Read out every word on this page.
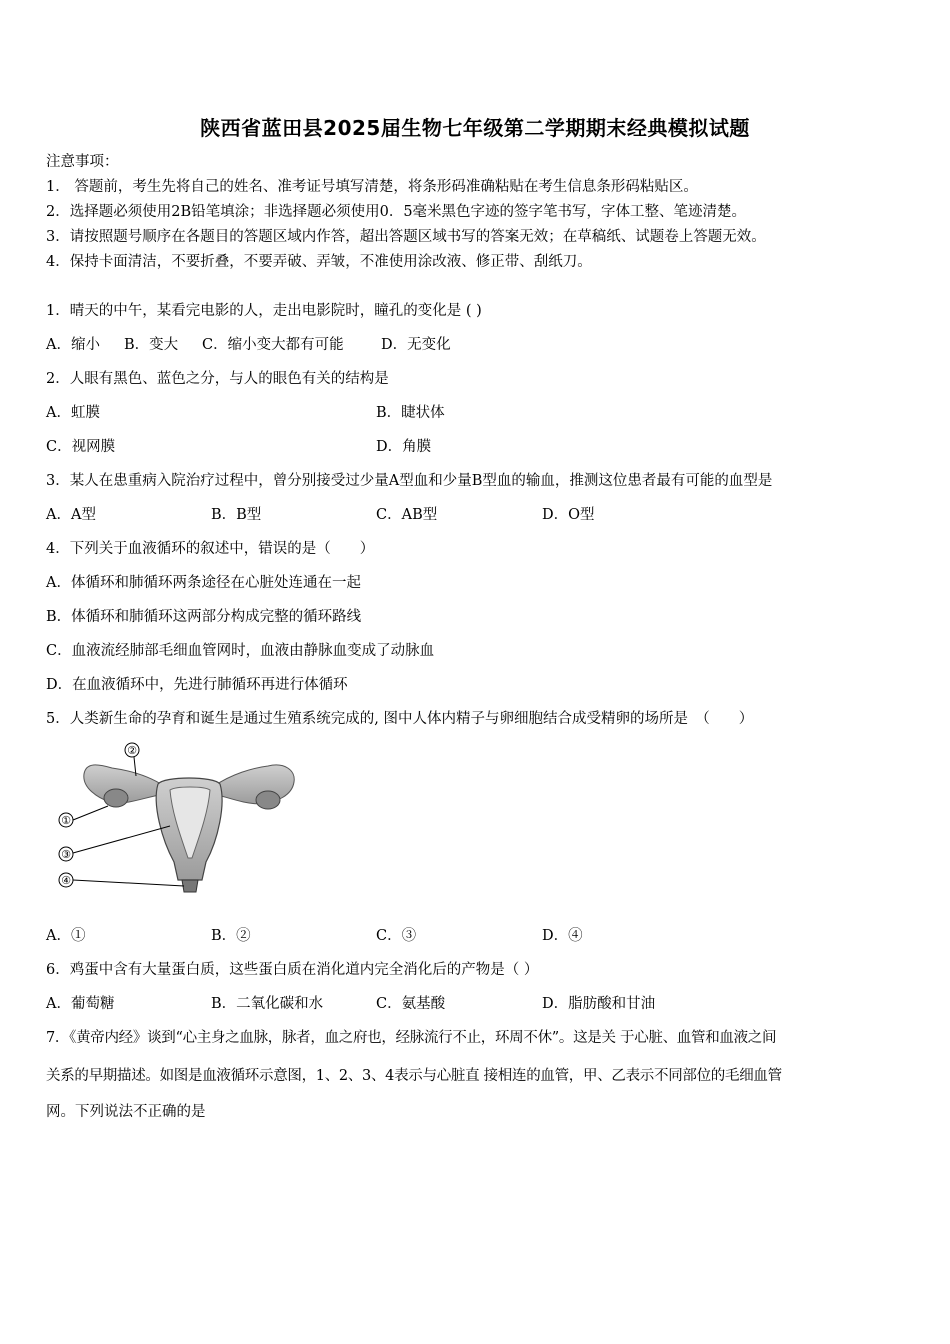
陕西省蓝田县2025届生物七年级第二学期期末经典模拟试题
注意事项：
1． 答题前，考生先将自己的姓名、准考证号填写清楚，将条形码准确粘贴在考生信息条形码粘贴区。
2．选择题必须使用2B铅笔填涂；非选择题必须使用0．5毫米黑色字迹的签字笔书写，字体工整、笔迹清楚。
3．请按照题号顺序在各题目的答题区域内作答，超出答题区域书写的答案无效；在草稿纸、试题卷上答题无效。
4．保持卡面清洁，不要折叠，不要弄破、弄皱，不准使用涂改液、修正带、刮纸刀。
1．晴天的中午，某看完电影的人，走出电影院时，瞳孔的变化是 ( )
A．缩小 B．变大 C．缩小变大都有可能	D．无变化
2．人眼有黑色、蓝色之分，与人的眼色有关的结构是
A．虹膜	B．睫状体
C．视网膜	D．角膜
3．某人在患重病入院治疗过程中，曾分别接受过少量A型血和少量B型血的输血，推测这位患者最有可能的血型是
A．A型	B．B型	C．AB型	D．O型
4．下列关于血液循环的叙述中，错误的是（　　）
A．体循环和肺循环两条途径在心脏处连通在一起
B．体循环和肺循环这两部分构成完整的循环路线
C．血液流经肺部毛细血管网时，血液由静脉血变成了动脉血
D．在血液循环中，先进行肺循环再进行体循环
5．人类新生命的孕育和诞生是通过生殖系统完成的, 图中人体内精子与卵细胞结合成受精卵的场所是　（　　）
②
①
③
④
A．①	B．②	C．③	D．④
6．鸡蛋中含有大量蛋白质，这些蛋白质在消化道内完全消化后的产物是（ ）
A．葡萄糖	B．二氧化碳和水	C．氨基酸	D．脂肪酸和甘油
7．《黄帝内经》谈到“心主身之血脉，脉者，血之府也，经脉流行不止，环周不休”。这是关 于心脏、血管和血液之间
关系的早期描述。如图是血液循环示意图，1、2、3、4表示与心脏直 接相连的血管，甲、乙表示不同部位的毛细血管
网。下列说法不正确的是
